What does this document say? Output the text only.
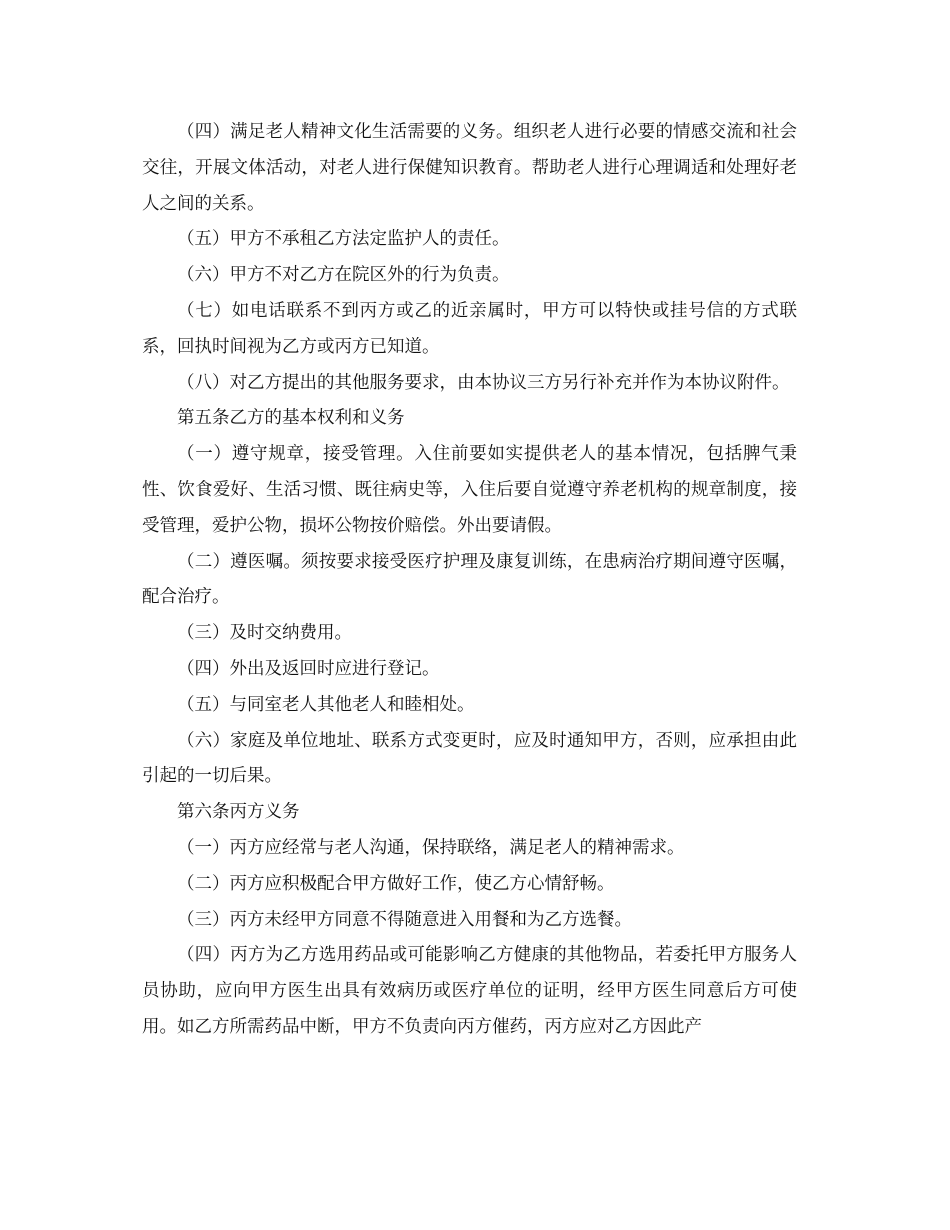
（四）满足老人精神文化生活需要的义务。组织老人进行必要的情感交流和社会交往，开展文体活动，对老人进行保健知识教育。帮助老人进行心理调适和处理好老人之间的关系。

（五）甲方不承租乙方法定监护人的责任。

（六）甲方不对乙方在院区外的行为负责。

（七）如电话联系不到丙方或乙的近亲属时，甲方可以特快或挂号信的方式联系，回执时间视为乙方或丙方已知道。

（八）对乙方提出的其他服务要求，由本协议三方另行补充并作为本协议附件。

第五条乙方的基本权利和义务

（一）遵守规章，接受管理。入住前要如实提供老人的基本情况，包括脾气秉性、饮食爱好、生活习惯、既往病史等，入住后要自觉遵守养老机构的规章制度，接受管理，爱护公物，损坏公物按价赔偿。外出要请假。

（二）遵医嘱。须按要求接受医疗护理及康复训练，在患病治疗期间遵守医嘱，配合治疗。

（三）及时交纳费用。

（四）外出及返回时应进行登记。

（五）与同室老人其他老人和睦相处。

（六）家庭及单位地址、联系方式变更时，应及时通知甲方，否则，应承担由此引起的一切后果。

第六条丙方义务

（一）丙方应经常与老人沟通，保持联络，满足老人的精神需求。

（二）丙方应积极配合甲方做好工作，使乙方心情舒畅。

（三）丙方未经甲方同意不得随意进入用餐和为乙方选餐。

（四）丙方为乙方选用药品或可能影响乙方健康的其他物品，若委托甲方服务人员协助，应向甲方医生出具有效病历或医疗单位的证明，经甲方医生同意后方可使用。如乙方所需药品中断，甲方不负责向丙方催药，丙方应对乙方因此产
